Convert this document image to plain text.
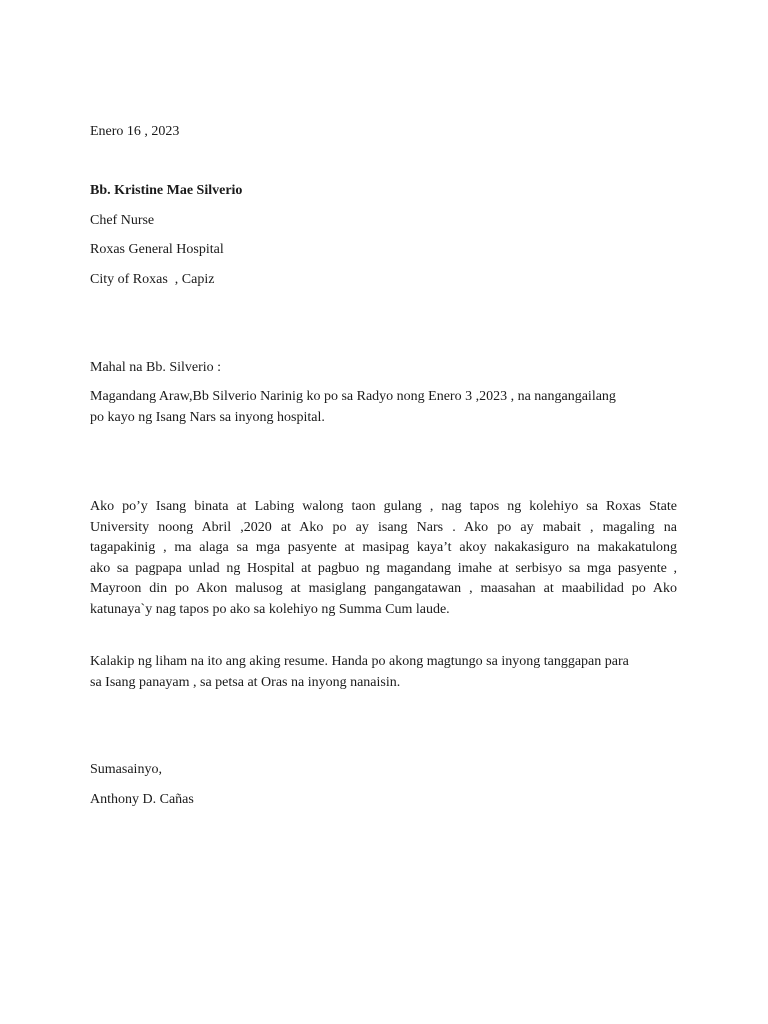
Enero 16 , 2023
Bb. Kristine Mae Silverio
Chef Nurse
Roxas General Hospital
City of Roxas  , Capiz
Mahal na Bb. Silverio :
Magandang Araw,Bb Silverio Narinig ko po sa Radyo nong Enero 3 ,2023 , na nangangailang
po kayo ng Isang Nars sa inyong hospital.
Ako po’y Isang binata at Labing walong taon gulang , nag tapos ng kolehiyo sa Roxas State
University noong Abril ,2020 at Ako po ay isang Nars . Ako po ay mabait , magaling na
tagapakinig , ma alaga sa mga pasyente at masipag kaya’t akoy nakakasiguro na makakatulong
ako sa pagpapa unlad ng Hospital at pagbuo ng magandang imahe at serbisyo sa mga pasyente ,
Mayroon din po Akon malusog at masiglang pangangatawan , maasahan at maabilidad po Ako
katunaya`y nag tapos po ako sa kolehiyo ng Summa Cum laude.
Kalakip ng liham na ito ang aking resume. Handa po akong magtungo sa inyong tanggapan para
sa Isang panayam , sa petsa at Oras na inyong nanaisin.
Sumasainyo,
Anthony D. Cañas
